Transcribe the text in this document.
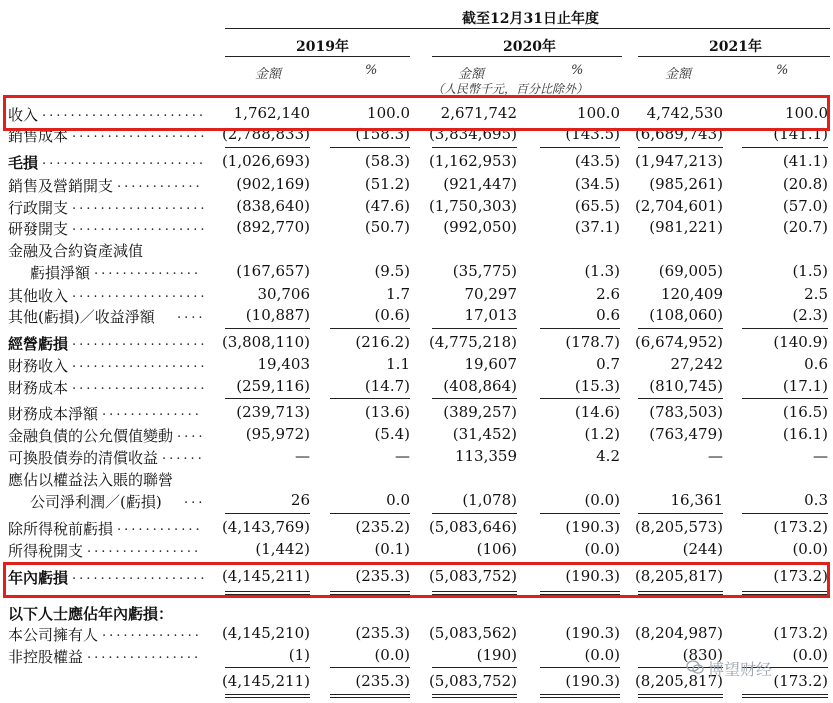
截至12月31日止年度
2019年	2020年	2021年
金額	%	金額	%	金額	%
（人民幣千元，百分比除外）
收入 ....................... 1,762,140	100.0 2,671,742	100.0 4,742,530	100.0
銷售成本 ................... (2,788,833)	(158.3) (3,834,695)	(143.5) (6,689,743)	(141.1)
毛損 ....................... (1,026,693)	(58.3) (1,162,953)	(43.5) (1,947,213)	(41.1)
銷售及營銷開支 ............ (902,169)	(51.2) (921,447)	(34.5) (985,261)	(20.8)
行政開支 ................... (838,640)	(47.6) (1,750,303)	(65.5) (2,704,601)	(57.0)
研發開支 ................... (892,770)	(50.7) (992,050)	(37.1) (981,221)	(20.7)
金融及合約資產減值
虧損淨額 ............... (167,657)	(9.5)	(35,775)	(1.3)	(69,005)	(1.5)
其他收入 ...................	30,706	1.7	70,297	2.6	120,409	2.5
其他(虧損)／收益淨額 ....	(10,887)	(0.6)	17,013	0.6 (108,060)	(2.3)
經營虧損 ................... (3,808,110)	(216.2) (4,775,218)	(178.7) (6,674,952)	(140.9)
財務收入 ...................	19,403	1.1	19,607	0.7	27,242	0.6
財務成本 ................... (259,116)	(14.7) (408,864)	(15.3) (810,745)	(17.1)
財務成本淨額 .............. (239,713)	(13.6) (389,257)	(14.6) (783,503)	(16.5)
金融負債的公允價值變動 ....	(95,972)	(5.4)	(31,452)	(1.2) (763,479)	(16.1)
可換股債券的清償收益 ......	—	—	113,359	4.2	—	—
應佔以權益法入賬的聯營
公司淨利潤／(虧損) ...	26	0.0	(1,078)	(0.0)	16,361	0.3
除所得稅前虧損 ............ (4,143,769)	(235.2) (5,083,646)	(190.3) (8,205,573)	(173.2)
所得稅開支 ................	(1,442)	(0.1)	(106)	(0.0)	(244)	(0.0)
年內虧損 ................... (4,145,211)	(235.3) (5,083,752)	(190.3) (8,205,817)	(173.2)
以下人士應佔年內虧損：
本公司擁有人 .............. (4,145,210)	(235.3) (5,083,562)	(190.3) (8,204,987)	(173.2)
非控股權益 ................	(1)	(0.0)	(190)	(0.0)	(830)	(0.0)
(4,145,211)	(235.3) (5,083,752)	(190.3) (8,205,817)	(173.2)
博望财经
